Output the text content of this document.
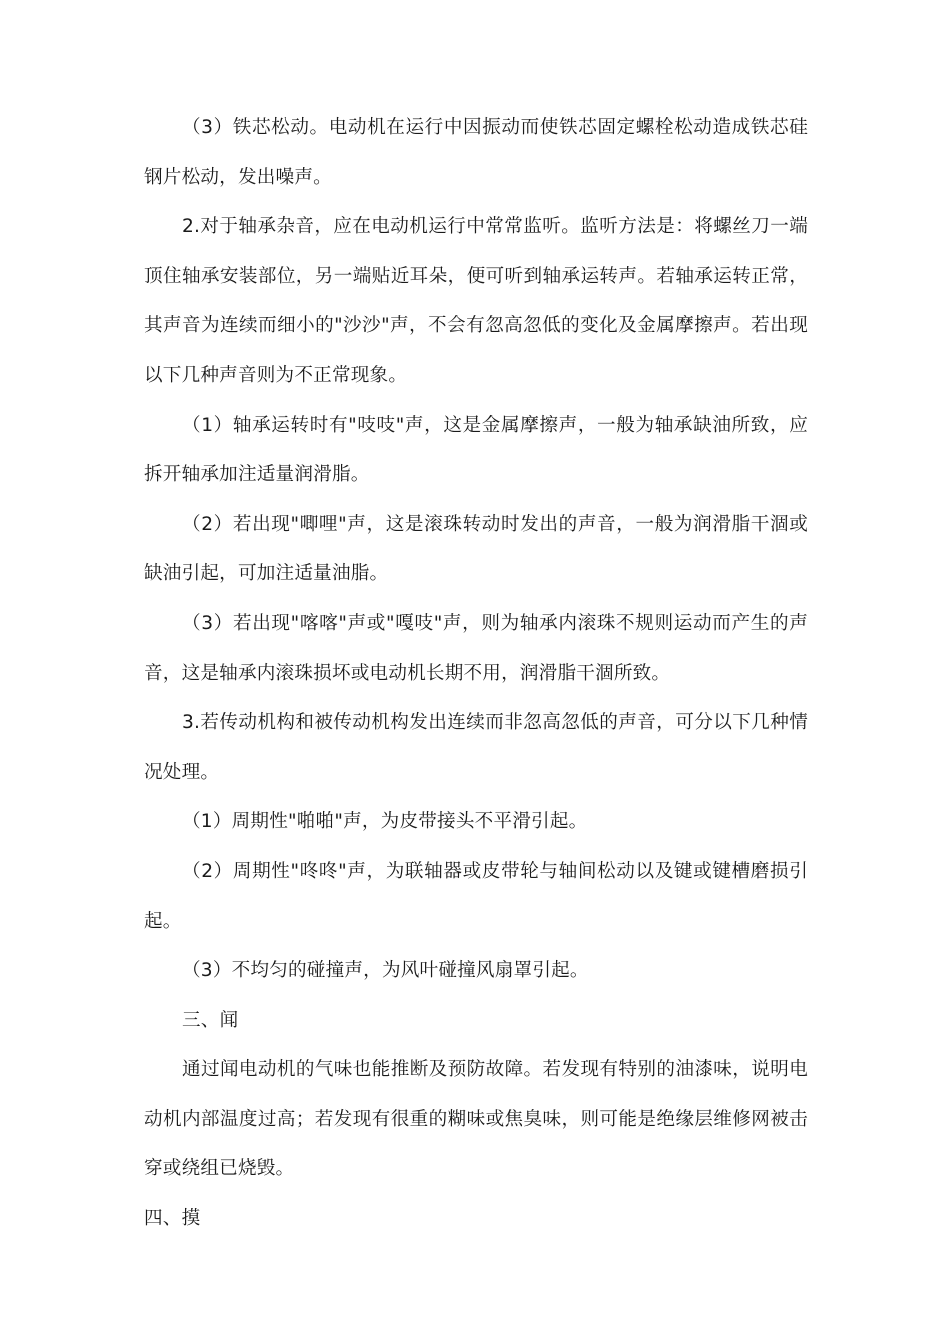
（3）铁芯松动。电动机在运行中因振动而使铁芯固定螺栓松动造成铁芯硅钢片松动，发出噪声。

2.对于轴承杂音，应在电动机运行中常常监听。监听方法是：将螺丝刀一端顶住轴承安装部位，另一端贴近耳朵，便可听到轴承运转声。若轴承运转正常，其声音为连续而细小的"沙沙"声，不会有忽高忽低的变化及金属摩擦声。若出现以下几种声音则为不正常现象。

（1）轴承运转时有"吱吱"声，这是金属摩擦声，一般为轴承缺油所致，应拆开轴承加注适量润滑脂。

（2）若出现"唧哩"声，这是滚珠转动时发出的声音，一般为润滑脂干涸或缺油引起，可加注适量油脂。

（3）若出现"喀喀"声或"嘎吱"声，则为轴承内滚珠不规则运动而产生的声音，这是轴承内滚珠损坏或电动机长期不用，润滑脂干涸所致。

3.若传动机构和被传动机构发出连续而非忽高忽低的声音，可分以下几种情况处理。

（1）周期性"啪啪"声，为皮带接头不平滑引起。

（2）周期性"咚咚"声，为联轴器或皮带轮与轴间松动以及键或键槽磨损引起。

（3）不均匀的碰撞声，为风叶碰撞风扇罩引起。

三、闻

通过闻电动机的气味也能推断及预防故障。若发现有特别的油漆味，说明电动机内部温度过高；若发现有很重的糊味或焦臭味，则可能是绝缘层维修网被击穿或绕组已烧毁。

四、摸
